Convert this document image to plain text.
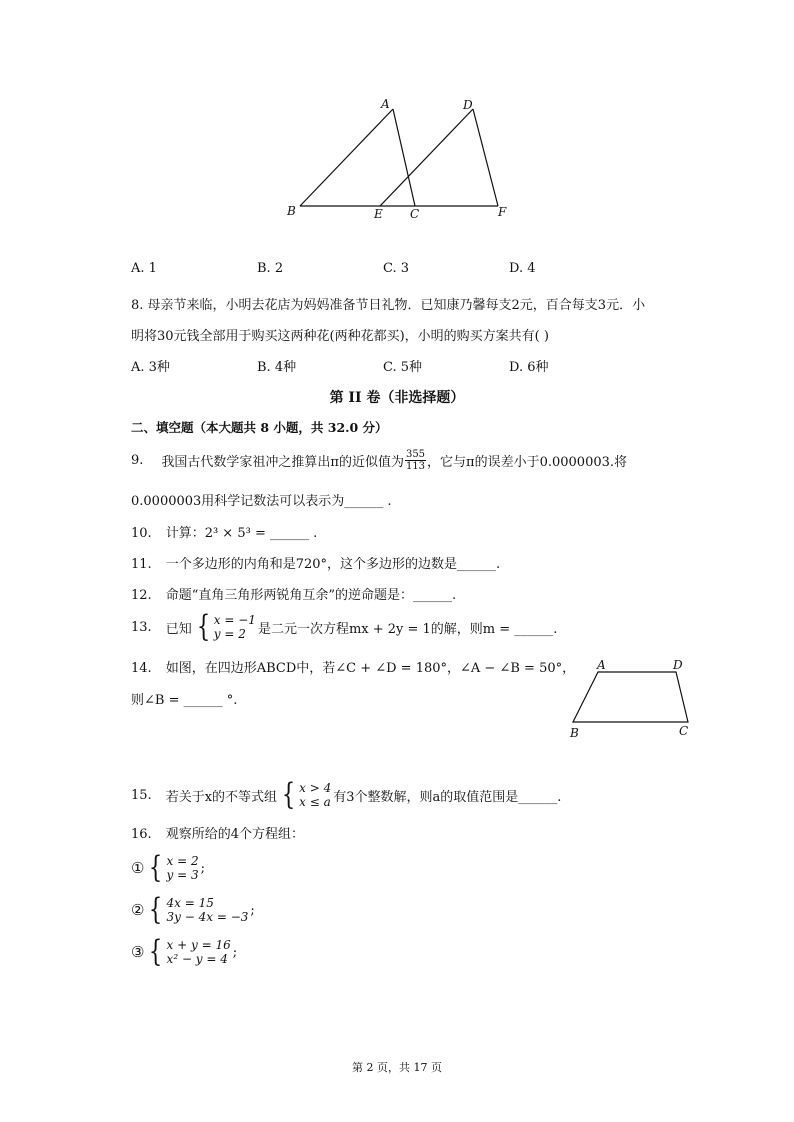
A
B	C
D
E	F
A. 1	B. 2	C. 3	D. 4
8. 母亲节来临，小明去花店为妈妈准备节日礼物．已知康乃馨每支2元，百合每支3元．小
明将30元钱全部用于购买这两种花(两种花都买)，小明的购买方案共有( )
A. 3种	B. 4种	C. 5种	D. 6种
第 II 卷（非选择题）
二、填空题（本大题共 8 小题，共 32.0 分）
9. 我国古代数学家祖冲之推算出π的近似值为 $\frac{355}{113}$ ，它与π的误差小于0.0000003.将
0.0000003用科学记数法可以表示为______ .
10. 计算：2³ × 5³ = ______ .
11. 一个多边形的内角和是720°，这个多边形的边数是______.
12. 命题“直角三角形两锐角互余”的逆命题是：______.
13. 已知 { x = −1
y = 2 是二元一次方程mx + 2y = 1的解，则m = ______.
14. 如图，在四边形ABCD中，若∠C + ∠D = 180°，∠A − ∠B = 50°，
则∠B = ______ °.
A	D
B	C
15. 若关于x的不等式组 { x > 4
x ≤ a 有3个整数解，则a的取值范围是______.
16. 观察所给的4个方程组：
① { x = 2
y = 3 ;
② { 4x = 15
3y − 4x = −3 ;
③ { x + y = 16
x² − y = 4 ;
第 2 页，共 17 页
